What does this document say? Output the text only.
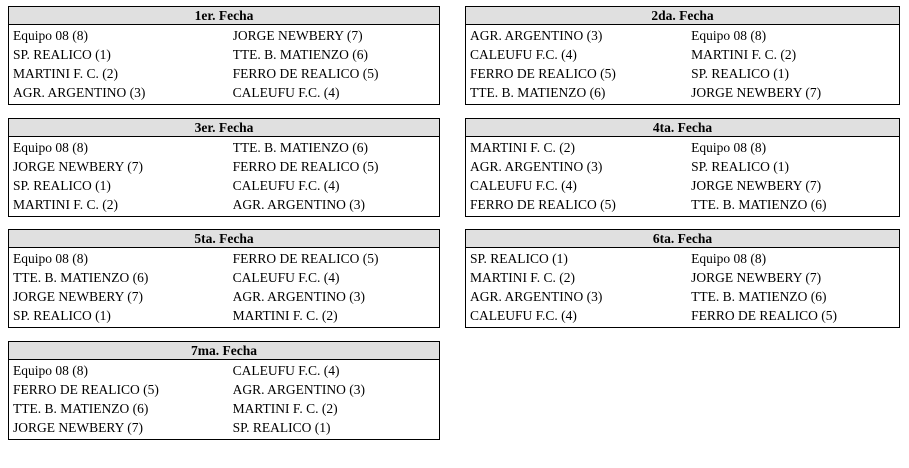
1er. Fecha
Equipo 08 (8)	JORGE NEWBERY (7)
SP. REALICO (1)	TTE. B. MATIENZO (6)
MARTINI F. C. (2)	FERRO DE REALICO (5)
AGR. ARGENTINO (3)	CALEUFU F.C. (4)
2da. Fecha
AGR. ARGENTINO (3)	Equipo 08 (8)
CALEUFU F.C. (4)	MARTINI F. C. (2)
FERRO DE REALICO (5)	SP. REALICO (1)
TTE. B. MATIENZO (6)	JORGE NEWBERY (7)
3er. Fecha
Equipo 08 (8)	TTE. B. MATIENZO (6)
JORGE NEWBERY (7)	FERRO DE REALICO (5)
SP. REALICO (1)	CALEUFU F.C. (4)
MARTINI F. C. (2)	AGR. ARGENTINO (3)
4ta. Fecha
MARTINI F. C. (2)	Equipo 08 (8)
AGR. ARGENTINO (3)	SP. REALICO (1)
CALEUFU F.C. (4)	JORGE NEWBERY (7)
FERRO DE REALICO (5)	TTE. B. MATIENZO (6)
5ta. Fecha
Equipo 08 (8)	FERRO DE REALICO (5)
TTE. B. MATIENZO (6)	CALEUFU F.C. (4)
JORGE NEWBERY (7)	AGR. ARGENTINO (3)
SP. REALICO (1)	MARTINI F. C. (2)
6ta. Fecha
SP. REALICO (1)	Equipo 08 (8)
MARTINI F. C. (2)	JORGE NEWBERY (7)
AGR. ARGENTINO (3)	TTE. B. MATIENZO (6)
CALEUFU F.C. (4)	FERRO DE REALICO (5)
7ma. Fecha
Equipo 08 (8)	CALEUFU F.C. (4)
FERRO DE REALICO (5)	AGR. ARGENTINO (3)
TTE. B. MATIENZO (6)	MARTINI F. C. (2)
JORGE NEWBERY (7)	SP. REALICO (1)
